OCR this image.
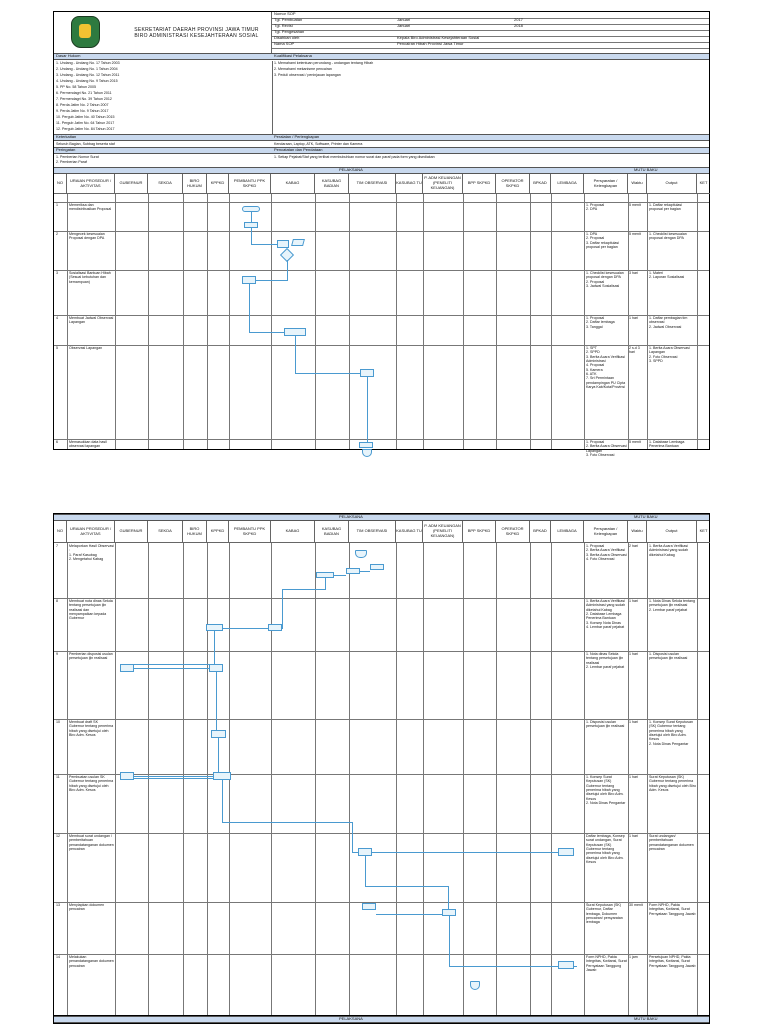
SEKRETARIAT DAERAH PROVINSI JAWA TIMUR
BIRO ADMINISTRASI KESEJAHTERAAN SOSIAL
Nomor SOP
Tgl. Pembuatan	Januari	2017
Tgl. Revisi	Januari	2018
Tgl. Pengesahan
Disahkan oleh	Kepala Biro Administrasi Kesejahteraan Sosial
Nama SOP	Pencairan Hibah Provinsi Jawa Timur
Dasar Hukum	Kualifikasi Pelaksana
1. Undang - Undang No. 17 Tahun 2003
2. Undang - Undang No. 1 Tahun 2004
3. Undang - Undang No. 12 Tahun 2011
4. Undang - Undang No. 9 Tahun 2015
5. PP No. 58 Tahun 2005
6. Permendagri No. 21 Tahun 2011
7. Permendagri No. 39 Tahun 2012
8. Perda Jatim No. 2 Tahun 2007
9. Perda Jatim No. 9 Tahun 2017
10. Pergub Jatim No. 40 Tahun 2015
11. Pergub Jatim No. 64 Tahun 2017
12. Pergub Jatim No. 84 Tahun 2017
1. Memahami ketentuan perundang - undangan tentang Hibah
2. Memahami mekanisme pencairan
3. Peduli observasi / peninjauan lapangan
Keterkaitan	Peralatan / Perlengkapan
Seluruh Bagian, Subbag beserta staf	Kendaraan, Laptop, ATK, Software, Printer dan Kamera
Peringatan	Pencatatan dan Pendataan
1. Pemberian Nomor Surat
2. Pemberian Paraf
1. Setiap Pejabat/Staf yang terlibat membubuhkan nomor surat dan paraf pada form yang disediakan
PELAKSANA	MUTU BAKU
NO	URAIAN PROSEDUR / AKTIVITAS	GUBERNUR	SEKDA	BIRO HUKUM	KPPKD	PEMBANTU PPK SKPKD	KABAG	KASUBAG BADIAN	TIM OBSERVASI	KASUBAG TU
P. ADM KEUANGAN (PENELITI KEUANGAN)
BPP SKPKD	OPERATOR SKPKD	BPKAD	LEMBAGA	Persyaratan / Kelengkapan	Waktu	Output	KET
1	Memeriksa dan mendistribusikan Proposal
1. Proposal
2. DPA
5 menit	1. Daftar rekapitulasi proposal per bagian
2	Mengecek kesesuaian Proposal dengan DPA
1. DPA
2. Proposal
3. Daftar rekapitulasi proposal per bagian
5 menit	1. Checklist kesesuaian proposal dengan DPA
3	Sosialisasi Bantuan Hibah (Sesuai kebutuhan dan kemampuan)
1. Checklist kesesuaian proposal dengan DPA
2. Proposal
3. Jadwal Sosialisasi
3 hari	1. Materi
2. Laporan Sosialisasi
4	Membuat Jadwal Observasi Lapangan
1. Proposal
2. Daftar lembaga
3. Tanggal
1 hari	1. Daftar pembagian tim observasi
2. Jadwal Observasi
5	Observasi Lapangan	1. SPT
2. SPPD
3. Berita Acara Verifikasi Administrasi
4. Proposal
5. Kamera
6. ATK
7. Srt Permintaan pendampingan PU Cipta Karya Kab/Kota/Provinsi
2 s.d 3 hari
1. Berita Acara Observasi Lapangan
2. Foto Observasi
3. SPPD
6	Memasukkan data hasil observasi lapangan
1. Proposal
2. Berita Acara Observasi Lapangan
3. Foto Observasi
5 menit	1. Database Lembaga Penerima Bantuan
PELAKSANA	MUTU BAKU
NO	URAIAN PROSEDUR / AKTIVITAS	GUBERNUR	SEKDA	BIRO HUKUM	KPPKD	PEMBANTU PPK SKPKD	KABAG	KASUBAG BADIAN	TIM OBSERVASI	KASUBAG TU
P. ADM KEUANGAN (PENELITI KEUANGAN)
BPP SKPKD	OPERATOR SKPKD	BPKAD	LEMBAGA	Persyaratan / Kelengkapan	Waktu	Output	KET
7	Melaporkan Hasil Observasi :
1. Paraf Kasubag
2. Mengetahui Kabag
1. Proposal
2. Berita Acara Verifikasi
3. Berita Acara Observasi
4. Foto Observasi
2 hari	1. Berita Acara Verifikasi Administrasi yang sudah diketahui Kabag
8	Membuat nota dinas Sekda tentang persetujuan ijin realisasi dan menyampaikan kepada Gubernur
1. Berita Acara Verifikasi Administrasi yang sudah diketahui Kabag
2. Database Lembaga Penerima Bantuan
3. Konsep Nota Dinas
4. Lembar paraf pejabat
1 hari	1. Nota Dinas Sekda tentang persetujuan ijin realisasi
2. Lembar paraf pejabat
9	Pemberian disposisi usulan persetujuan ijin realisasi
1. Nota dinas Sekda tentang persetujuan ijin realisasi
2. Lembar paraf pejabat
1 hari	1. Disposisi usulan persetujuan ijin realisasi
10	Membuat draft SK Gubernur tentang penerima hibah yang disetujui oleh Biro Adm. Kesos
1. Disposisi usulan persetujuan ijin realisasi
1 hari	1. Konsep Surat Keputusan (SK) Gubernur tentang penerima hibah yang disetujui oleh Biro Adm. Kesos
2. Nota Dinas Pengantar
11	Pembuatan usulan SK Gubernur tentang penerima hibah yang disetujui oleh Biro Adm. Kesos
1. Konsep Surat Keputusan (SK) Gubernur tentang penerima hibah yang disetujui oleh Biro Adm. Kesos
2. Nota Dinas Pengantar
1 hari	Surat Keputusan (SK) Gubernur tentang penerima hibah yang disetujui oleh Biro Adm. Kesos
12	Membuat surat undangan / pemberitahuan penandatanganan dokumen pencairan
Daftar lembaga, Konsep surat undangan, Surat Keputusan (SK) Gubernur tentang penerima hibah yang disetujui oleh Biro Adm. Kesos
1 hari	Surat undangan/ pemberitahuan penandatanganan dokumen pencairan
13	Menyiapkan dokumen pencairan
Surat Keputusan (SK) Gubernur, Daftar lembaga, Dokumen pencairan/ persyaratan lembaga
30 menit	Form NPHD, Pakta Integritas, Kwitansi, Surat Pernyataan Tanggung Jawab
14	Melakukan penandatanganan dokumen pencairan
Form NPHD, Pakta Integritas, Kwitansi, Surat Pernyataan Tanggung Jawab
1 jam	Persetujuan NPHD, Pakta Integritas, Kwitansi, Surat Pernyataan Tanggung Jawab
PELAKSANA	MUTU BAKU
